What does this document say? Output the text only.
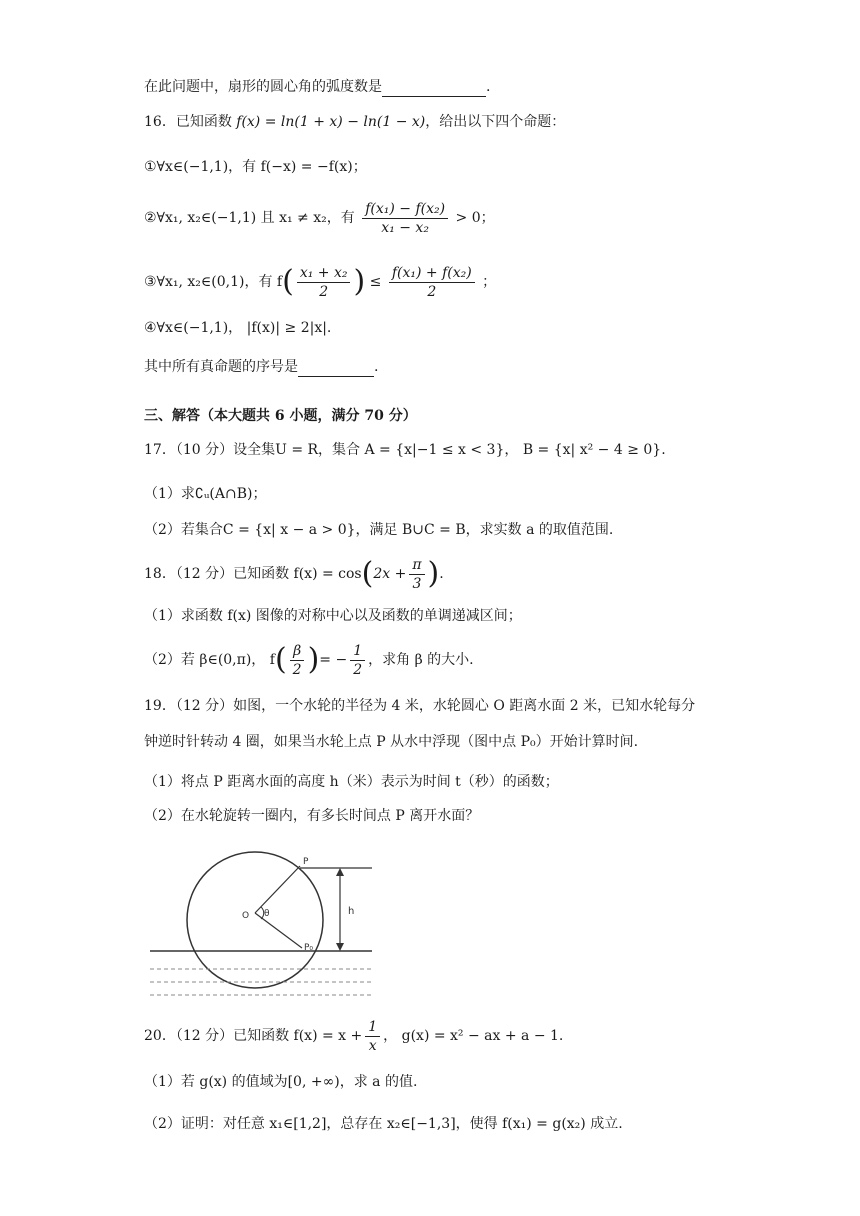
在此问题中，扇形的圆心角的弧度数是	.
16．已知函数 f(x) = ln(1 + x) − ln(1 − x)，给出以下四个命题：
①∀x∈(−1,1)，有 f(−x) = −f(x)；
②∀x₁, x₂∈(−1,1) 且 x₁ ≠ x₂，有 $\frac{\text{f(x₁) − f(x₂)}}{\text{x₁ − x₂}} > 0$；
③∀x₁, x₂∈(0,1)，有 $f( \frac{\text{x₁ + x₂}}{2}$ ) ≤ $\frac{\text{f(x₁) + f(x₂)}}{2}$ ；
④∀x∈(−1,1)， |f(x)| ≥ 2|x|.
其中所有真命题的序号是	.
三、解答（本大题共 6 小题，满分 70 分）
17．（10 分）设全集U = R，集合 A = {x|−1 ≤ x < 3}， B = {x| x² − 4 ≥ 0}.
（1）求∁ᵤ(A∩B)；
（2）若集合C = {x| x − a > 0}，满足 B∪C = B，求实数 a 的取值范围.
18．（12 分）已知函数 $f(x) = \cos(2x + \frac{\pi}{3}$ ).
（1）求函数 f(x) 图像的对称中心以及函数的单调递减区间；
（2）若 β∈(0,π)， $f( \frac{\beta}{2}$ )= − $\frac{1}{2}$ ，求角 β 的大小.
19．（12 分）如图，一个水轮的半径为 4 米，水轮圆心 O 距离水面 2 米，已知水轮每分
钟逆时针转动 4 圈，如果当水轮上点 P 从水中浮现（图中点 P₀）开始计算时间.
（1）将点 P 距离水面的高度 h（米）表示为时间 t（秒）的函数；
（2）在水轮旋转一圈内，有多长时间点 P 离开水面？
P
O θ	h
P₀
20．（12 分）已知函数 $f(x) = x + \frac{1}{x}$ ， g(x) = x² − ax + a − 1.
（1）若 g(x) 的值域为[0, +∞)，求 a 的值.
（2）证明：对任意 x₁∈[1,2]，总存在 x₂∈[−1,3]，使得 f(x₁) = g(x₂) 成立.
